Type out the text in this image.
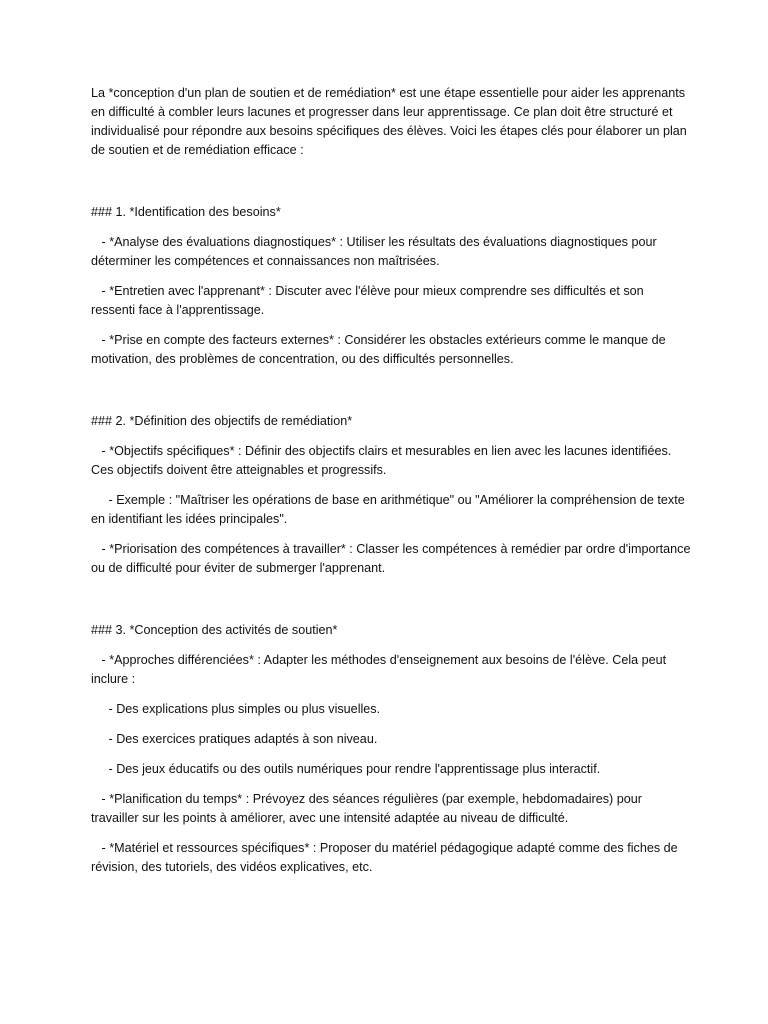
La *conception d'un plan de soutien et de remédiation* est une étape essentielle pour aider les apprenants en difficulté à combler leurs lacunes et progresser dans leur apprentissage. Ce plan doit être structuré et individualisé pour répondre aux besoins spécifiques des élèves. Voici les étapes clés pour élaborer un plan de soutien et de remédiation efficace :

### 1. *Identification des besoins*

- *Analyse des évaluations diagnostiques* : Utiliser les résultats des évaluations diagnostiques pour déterminer les compétences et connaissances non maîtrisées.

- *Entretien avec l'apprenant* : Discuter avec l'élève pour mieux comprendre ses difficultés et son ressenti face à l'apprentissage.

- *Prise en compte des facteurs externes* : Considérer les obstacles extérieurs comme le manque de motivation, des problèmes de concentration, ou des difficultés personnelles.

### 2. *Définition des objectifs de remédiation*

- *Objectifs spécifiques* : Définir des objectifs clairs et mesurables en lien avec les lacunes identifiées. Ces objectifs doivent être atteignables et progressifs.

- Exemple : "Maîtriser les opérations de base en arithmétique" ou "Améliorer la compréhension de texte en identifiant les idées principales".

- *Priorisation des compétences à travailler* : Classer les compétences à remédier par ordre d'importance ou de difficulté pour éviter de submerger l'apprenant.

### 3. *Conception des activités de soutien*

- *Approches différenciées* : Adapter les méthodes d'enseignement aux besoins de l'élève. Cela peut inclure :

- Des explications plus simples ou plus visuelles.

- Des exercices pratiques adaptés à son niveau.

- Des jeux éducatifs ou des outils numériques pour rendre l'apprentissage plus interactif.

- *Planification du temps* : Prévoyez des séances régulières (par exemple, hebdomadaires) pour travailler sur les points à améliorer, avec une intensité adaptée au niveau de difficulté.

- *Matériel et ressources spécifiques* : Proposer du matériel pédagogique adapté comme des fiches de révision, des tutoriels, des vidéos explicatives, etc.
